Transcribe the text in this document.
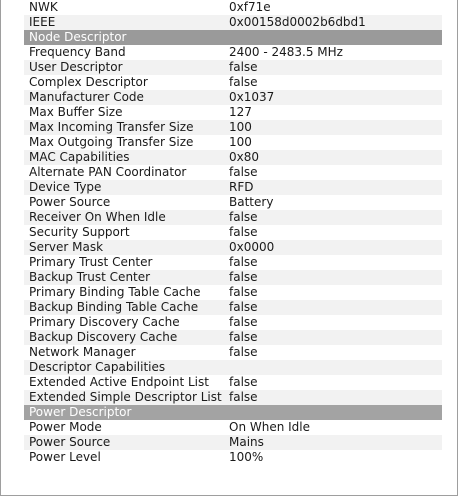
NWK	0xf71e
IEEE	0x00158d0002b6dbd1
Node Descriptor
Frequency Band	2400 - 2483.5 MHz
User Descriptor	false
Complex Descriptor	false
Manufacturer Code	0x1037
Max Buffer Size	127
Max Incoming Transfer Size	100
Max Outgoing Transfer Size	100
MAC Capabilities	0x80
Alternate PAN Coordinator	false
Device Type	RFD
Power Source	Battery
Receiver On When Idle	false
Security Support	false
Server Mask	0x0000
Primary Trust Center	false
Backup Trust Center	false
Primary Binding Table Cache false
Backup Binding Table Cache	false
Primary Discovery Cache	false
Backup Discovery Cache	false
Network Manager	false
Descriptor Capabilities
Extended Active Endpoint List false
Extended Simple Descriptor List false
Power Descriptor
Power Mode	On When Idle
Power Source	Mains
Power Level	100%
